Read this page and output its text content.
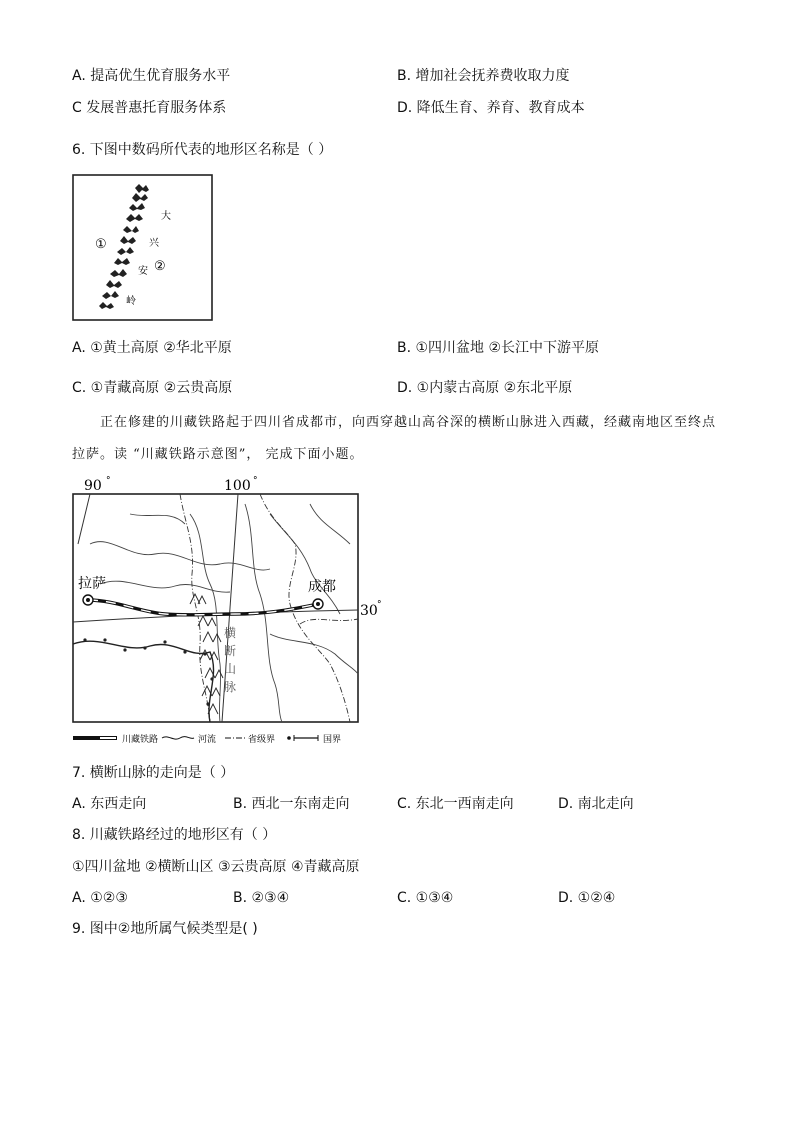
A. 提高优生优育服务水平	B. 增加社会抚养费收取力度
C 发展普惠托育服务体系	D. 降低生育、养育、教育成本
6. 下图中数码所代表的地形区名称是（ ）
①
②
大
兴
安
岭
A. ①黄土高原 ②华北平原	B. ①四川盆地 ②长江中下游平原
C. ①青藏高原 ②云贵高原	D. ①内蒙古高原 ②东北平原
正在修建的川藏铁路起于四川省成都市，向西穿越山高谷深的横断山脉进入西藏，经藏南地区至终点
拉萨。读 “川藏铁路示意图”， 完成下面小题。
90 °	100 °
30 °
拉萨	成都
横
断
山
脉
川藏铁路	河流	省级界	国界
7. 横断山脉的走向是（ ）
A. 东西走向	B. 西北一东南走向	C. 东北一西南走向	D. 南北走向
8. 川藏铁路经过的地形区有（ ）
①四川盆地 ②横断山区 ③云贵高原 ④青藏高原
A. ①②③	B. ②③④	C. ①③④	D. ①②④
9. 图中②地所属气候类型是( )
